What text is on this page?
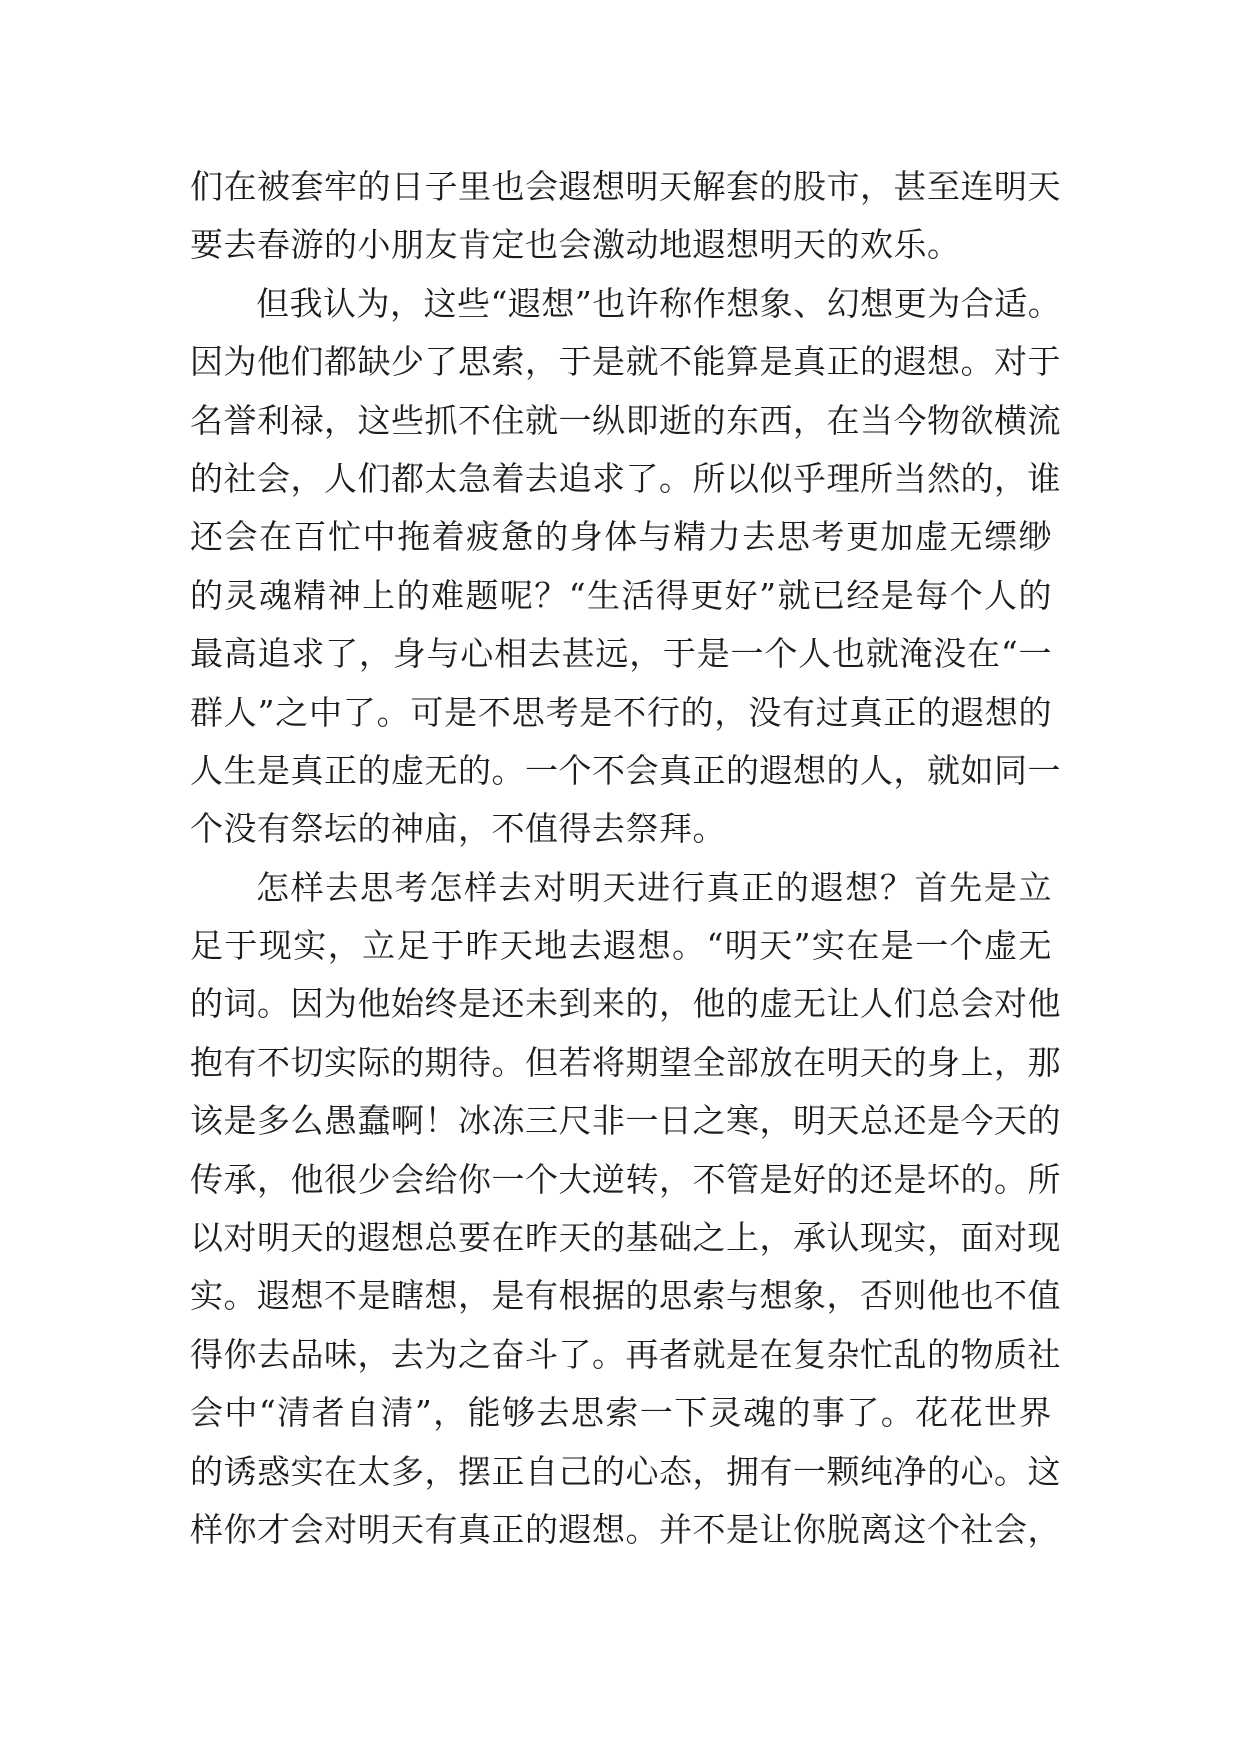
们在被套牢的日子里也会遐想明天解套的股市，甚至连明天
要去春游的小朋友肯定也会激动地遐想明天的欢乐。
但我认为，这些“遐想”也许称作想象、幻想更为合适。
因为他们都缺少了思索，于是就不能算是真正的遐想。对于
名誉利禄，这些抓不住就一纵即逝的东西，在当今物欲横流
的社会，人们都太急着去追求了。所以似乎理所当然的，谁
还会在百忙中拖着疲惫的身体与精力去思考更加虚无缥缈
的灵魂精神上的难题呢？“生活得更好”就已经是每个人的
最高追求了，身与心相去甚远，于是一个人也就淹没在“一
群人”之中了。可是不思考是不行的，没有过真正的遐想的
人生是真正的虚无的。一个不会真正的遐想的人，就如同一
个没有祭坛的神庙，不值得去祭拜。
怎样去思考怎样去对明天进行真正的遐想？首先是立
足于现实，立足于昨天地去遐想。“明天”实在是一个虚无
的词。因为他始终是还未到来的，他的虚无让人们总会对他
抱有不切实际的期待。但若将期望全部放在明天的身上，那
该是多么愚蠢啊！冰冻三尺非一日之寒，明天总还是今天的
传承，他很少会给你一个大逆转，不管是好的还是坏的。所
以对明天的遐想总要在昨天的基础之上，承认现实，面对现
实。遐想不是瞎想，是有根据的思索与想象，否则他也不值
得你去品味，去为之奋斗了。再者就是在复杂忙乱的物质社
会中“清者自清”，能够去思索一下灵魂的事了。花花世界
的诱惑实在太多，摆正自己的心态，拥有一颗纯净的心。这
样你才会对明天有真正的遐想。并不是让你脱离这个社会，
